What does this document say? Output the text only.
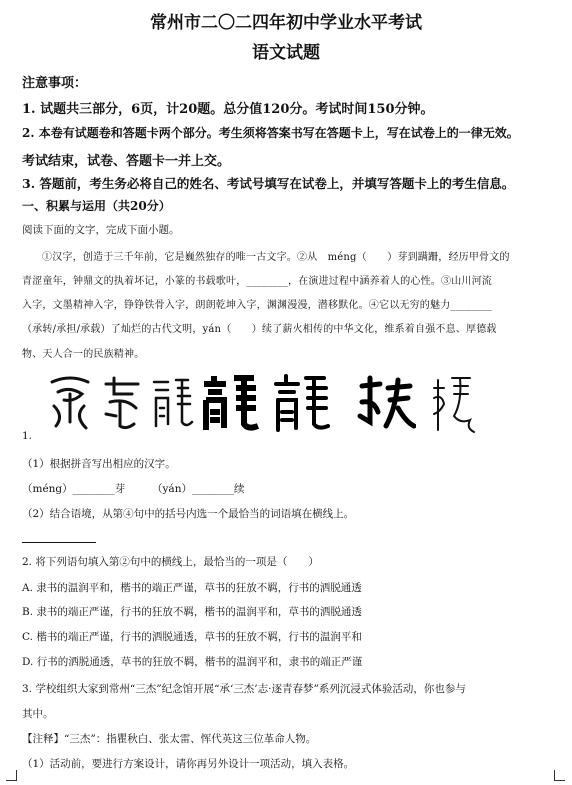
常州市二〇二四年初中学业水平考试
语文试题
注意事项：
1. 试题共三部分，6页，计20题。总分值120分。考试时间150分钟。
2. 本卷有试题卷和答题卡两个部分。考生须将答案书写在答题卡上，写在试卷上的一律无效。
考试结束，试卷、答题卡一并上交。
3. 答题前，考生务必将自己的姓名、考试号填写在试卷上，并填写答题卡上的考生信息。
一、积累与运用（共20分）
阅读下面的文字，完成下面小题。
①汉字，创造于三千年前，它是巍然独存的唯一古文字。②从　méng（　　）芽到蹒跚，经历甲骨文的
青涩童年，钟鼎文的执着坏记，小篆的书载歌叶，________，在演进过程中涵养着人的心性。③山川河流
入字，文墨精神入字，铮铮铁骨入字，朗朗乾坤入字，渊渊漫漫，潜移默化。④它以无穷的魅力________
（承转/承担/承载）了灿烂的古代文明，yán（　　）续了薪火相传的中华文化，维系着自强不息、厚德载
物、天人合一的民族精神。
1.
（1）根据拼音写出相应的汉字。
（méng）________芽	（yán）________续
（2）结合语境，从第④句中的括号内选一个最恰当的词语填在横线上。
2. 将下列语句填入第②句中的横线上，最恰当的一项是（　　）
A. 隶书的温润平和，楷书的端正严谨，草书的狂放不羁，行书的洒脱通透
B. 隶书的端正严谨，行书的狂放不羁，楷书的温润平和，草书的洒脱通透
C. 楷书的端正严谨，行书的洒脱通透，草书的狂放不羁，行书的温润平和
D. 行书的洒脱通透，草书的狂放不羁，楷书的温润平和，隶书的端正严谨
3. 学校组织大家到常州“三杰”纪念馆开展“承‘三杰’志·逐青春梦”系列沉浸式体验活动，你也参与
其中。
【注释】“三杰”：指瞿秋白、张太雷、恽代英这三位革命人物。
（1）活动前，要进行方案设计，请你再另外设计一项活动，填入表格。
